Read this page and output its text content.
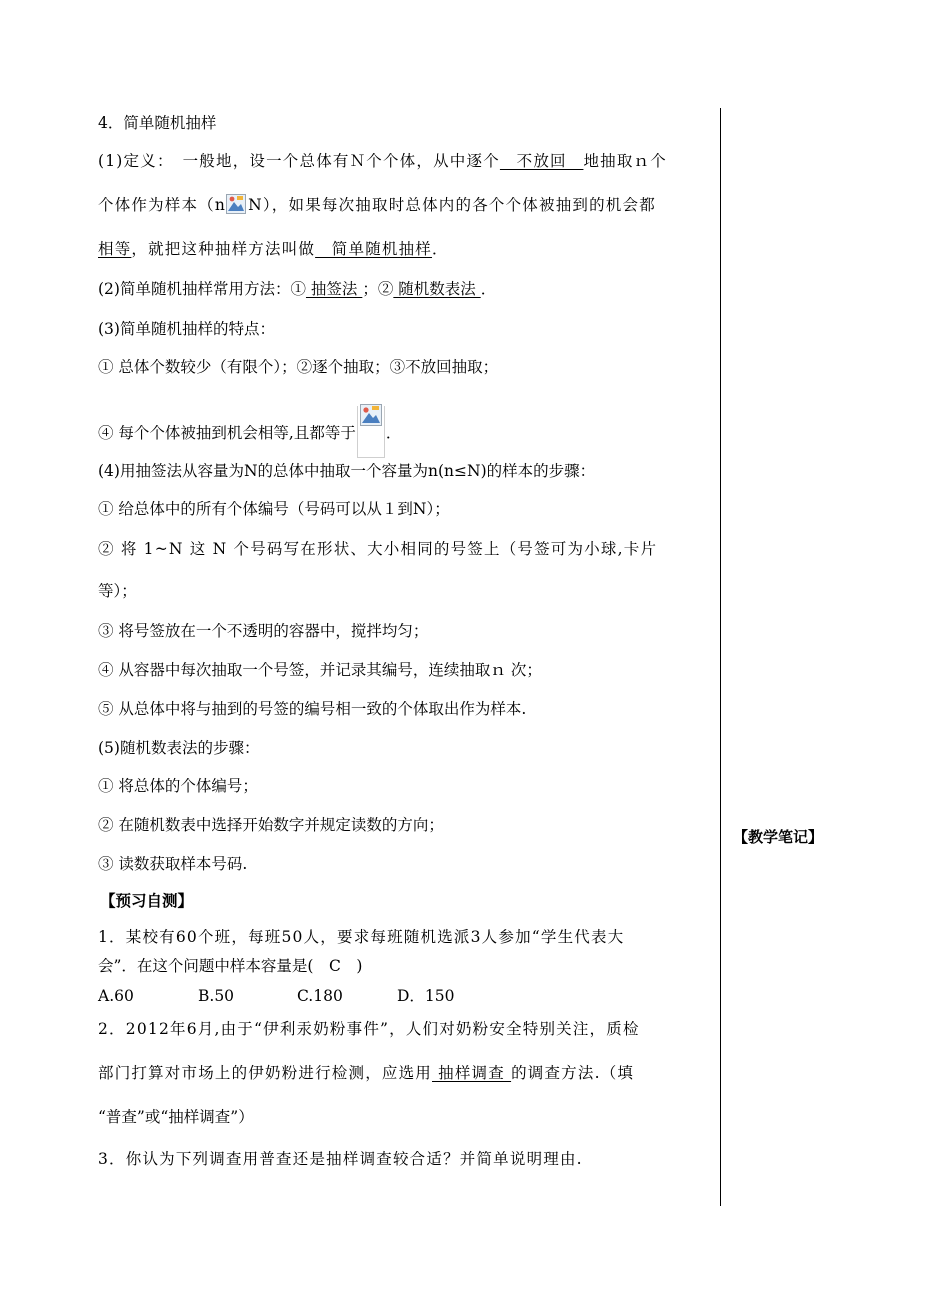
【教学笔记】
4．简单随机抽样
(1)定义：　一般地，设一个总体有Ｎ个个体，从中逐个　不放回　地抽取ｎ个
个体作为样本（n N），如果每次抽取时总体内的各个个体被抽到的机会都
相等，就把这种抽样方法叫做　简单随机抽样．
(2)简单随机抽样常用方法：① 抽签法 ；② 随机数表法 ．
(3)简单随机抽样的特点：
① 总体个数较少（有限个）；②逐个抽取；③不放回抽取；
④ 每个个体被抽到机会相等,且都等于 ．
(4)用抽签法从容量为N的总体中抽取一个容量为n(n≤N)的样本的步骤：
① 给总体中的所有个体编号（号码可以从１到N）；
② 将 1~N 这 N 个号码写在形状、大小相同的号签上（号签可为小球,卡片
等）；
③ 将号签放在一个不透明的容器中，搅拌均匀；
④ 从容器中每次抽取一个号签，并记录其编号，连续抽取ｎ 次；
⑤ 从总体中将与抽到的号签的编号相一致的个体取出作为样本.
(5)随机数表法的步骤：
① 将总体的个体编号；
② 在随机数表中选择开始数字并规定读数的方向；
③ 读数获取样本号码.
【预习自测】
1．某校有60个班，每班50人，要求每班随机选派3人参加“学生代表大
会”．在这个问题中样本容量是(　C　)
A.60	B.50	C.180	D．150
2．2012年6月,由于“伊利汞奶粉事件”，人们对奶粉安全特别关注，质检
部门打算对市场上的伊奶粉进行检测，应选用 抽样调查 的调查方法.（填
“普查”或“抽样调查”）
3．你认为下列调查用普查还是抽样调查较合适？并简单说明理由.
